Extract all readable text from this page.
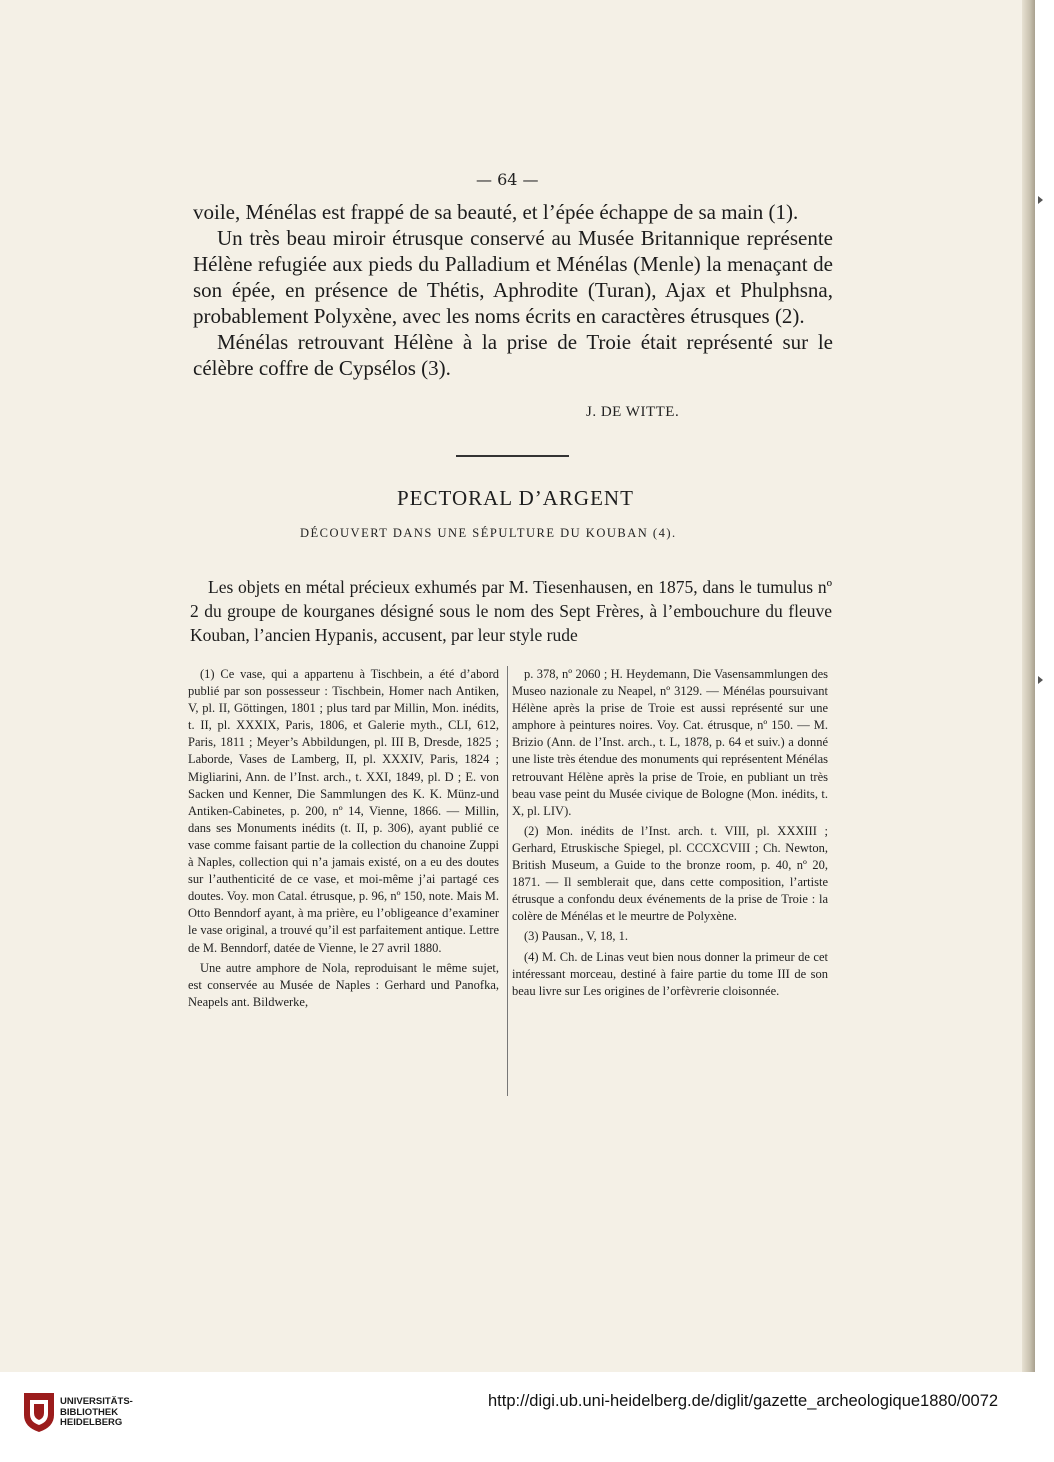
— 64 —

voile, Ménélas est frappé de sa beauté, et l’épée échappe de sa main (1).

Un très beau miroir étrusque conservé au Musée Britannique représente Hélène refugiée aux pieds du Palladium et Ménélas (Menle) la menaçant de son épée, en présence de Thétis, Aphrodite (Turan), Ajax et Phulphsna, probablement Polyxène, avec les noms écrits en caractères étrusques (2).

Ménélas retrouvant Hélène à la prise de Troie était représenté sur le célèbre coffre de Cypsélos (3).

J. DE WITTE.
PECTORAL D’ARGENT
DÉCOUVERT DANS UNE SÉPULTURE DU KOUBAN (4).

Les objets en métal précieux exhumés par M. Tiesenhausen, en 1875, dans le tumulus nº 2 du groupe de kourganes désigné sous le nom des Sept Frères, à l’embouchure du fleuve Kouban, l’ancien Hypanis, accusent, par leur style rude

(1) Ce vase, qui a appartenu à Tischbein, a été d’abord publié par son possesseur : Tischbein, Homer nach Antiken, V, pl. II, Göttingen, 1801 ; plus tard par Millin, Mon. inédits, t. II, pl. XXXIX, Paris, 1806, et Galerie myth., CLI, 612, Paris, 1811 ; Meyer’s Abbildungen, pl. III B, Dresde, 1825 ; Laborde, Vases de Lamberg, II, pl. XXXIV, Paris, 1824 ; Migliarini, Ann. de l’Inst. arch., t. XXI, 1849, pl. D ; E. von Sacken und Kenner, Die Sammlungen des K. K. Münz-und Antiken-Cabinetes, p. 200, nº 14, Vienne, 1866. — Millin, dans ses Monuments inédits (t. II, p. 306), ayant publié ce vase comme faisant partie de la collection du chanoine Zuppi à Naples, collection qui n’a jamais existé, on a eu des doutes sur l’authenticité de ce vase, et moi-même j’ai partagé ces doutes. Voy. mon Catal. étrusque, p. 96, nº 150, note. Mais M. Otto Benndorf ayant, à ma prière, eu l’obligeance d’examiner le vase original, a trouvé qu’il est parfaitement antique. Lettre de M. Benndorf, datée de Vienne, le 27 avril 1880.

Une autre amphore de Nola, reproduisant le même sujet, est conservée au Musée de Naples : Gerhard und Panofka, Neapels ant. Bildwerke,

p. 378, nº 2060 ; H. Heydemann, Die Vasensammlungen des Museo nazionale zu Neapel, nº 3129. — Ménélas poursuivant Hélène après la prise de Troie est aussi représenté sur une amphore à peintures noires. Voy. Cat. étrusque, nº 150. — M. Brizio (Ann. de l’Inst. arch., t. L, 1878, p. 64 et suiv.) a donné une liste très étendue des monuments qui représentent Ménélas retrouvant Hélène après la prise de Troie, en publiant un très beau vase peint du Musée civique de Bologne (Mon. inédits, t. X, pl. LIV).

(2) Mon. inédits de l’Inst. arch. t. VIII, pl. XXXIII ; Gerhard, Etruskische Spiegel, pl. CCCXCVIII ; Ch. Newton, British Museum, a Guide to the bronze room, p. 40, nº 20, 1871. — Il semblerait que, dans cette composition, l’artiste étrusque a confondu deux événements de la prise de Troie : la colère de Ménélas et le meurtre de Polyxène.

(3) Pausan., V, 18, 1.

(4) M. Ch. de Linas veut bien nous donner la primeur de cet intéressant morceau, destiné à faire partie du tome III de son beau livre sur Les origines de l’orfèvrerie cloisonnée.

UNIVERSITÄTS-
BIBLIOTHEK
HEIDELBERG
http://digi.ub.uni-heidelberg.de/diglit/gazette_archeologique1880/0072
